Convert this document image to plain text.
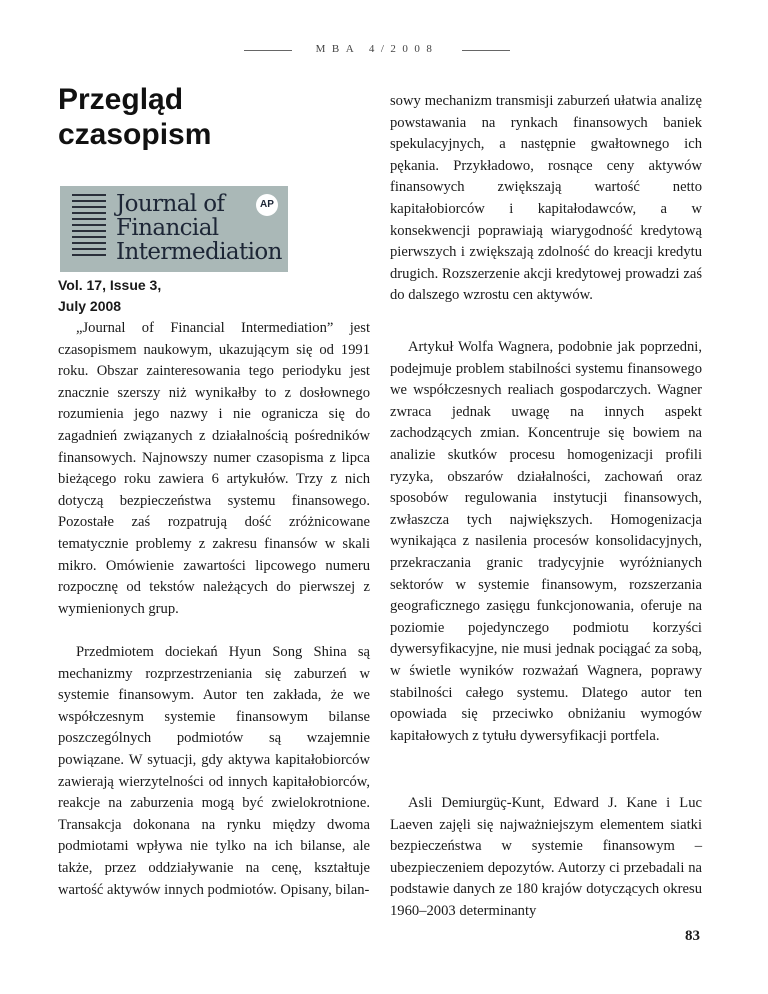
MBA 4/2008
Przegląd
czasopism
Journal of
Financial
Intermediation
AP
Vol. 17, Issue 3,
July 2008

„Journal of Financial Intermediation” jest czasopismem naukowym, ukazującym się od 1991 roku. Obszar zainteresowania tego periodyku jest znacznie szerszy niż wynikałby to z dosłownego rozumienia jego nazwy i nie ogranicza się do zagadnień związanych z działalnością pośredników finansowych. Najnowszy numer czasopisma z lipca bieżącego roku zawiera 6 artykułów. Trzy z nich dotyczą bezpieczeństwa systemu finansowego. Pozostałe zaś rozpatrują dość zróżnicowane tematycznie problemy z zakresu finansów w skali mikro. Omówienie zawartości lipcowego numeru rozpocznę od tekstów należących do pierwszej z wymienionych grup.

Przedmiotem dociekań Hyun Song Shina są mechanizmy rozprzestrzeniania się zaburzeń w systemie finansowym. Autor ten zakłada, że we współczesnym systemie finansowym bilanse poszczególnych podmiotów są wzajemnie powiązane. W sytuacji, gdy aktywa kapitałobiorców zawierają wierzytelności od innych kapitałobiorców, reakcje na zaburzenia mogą być zwielokrotnione. Transakcja dokonana na rynku między dwoma podmiotami wpływa nie tylko na ich bilanse, ale także, przez oddziaływanie na cenę, kształtuje wartość aktywów innych podmiotów. Opisany, bilan-

sowy mechanizm transmisji zaburzeń ułatwia analizę powstawania na rynkach finansowych baniek spekulacyjnych, a następnie gwałtownego ich pękania. Przykładowo, rosnące ceny aktywów finansowych zwiększają wartość netto kapitałobiorców i kapitałodawców, a w konsekwencji poprawiają wiarygodność kredytową pierwszych i zwiększają zdolność do kreacji kredytu drugich. Rozszerzenie akcji kredytowej prowadzi zaś do dalszego wzrostu cen aktywów.

Artykuł Wolfa Wagnera, podobnie jak poprzedni, podejmuje problem stabilności systemu finansowego we współczesnych realiach gospodarczych. Wagner zwraca jednak uwagę na innych aspekt zachodzących zmian. Koncentruje się bowiem na analizie skutków procesu homogenizacji profili ryzyka, obszarów działalności, zachowań oraz sposobów regulowania instytucji finansowych, zwłaszcza tych największych. Homogenizacja wynikająca z nasilenia procesów konsolidacyjnych, przekraczania granic tradycyjnie wyróżnianych sektorów w systemie finansowym, rozszerzania geograficznego zasięgu funkcjonowania, oferuje na poziomie pojedynczego podmiotu korzyści dywersyfikacyjne, nie musi jednak pociągać za sobą, w świetle wyników rozważań Wagnera, poprawy stabilności całego systemu. Dlatego autor ten opowiada się przeciwko obniżaniu wymogów kapitałowych z tytułu dywersyfikacji portfela.

Asli Demiurgüç-Kunt, Edward J. Kane i Luc Laeven zajęli się najważniejszym elementem siatki bezpieczeństwa w systemie finansowym – ubezpieczeniem depozytów. Autorzy ci przebadali na podstawie danych ze 180 krajów dotyczących okresu 1960–2003 determinanty

83
